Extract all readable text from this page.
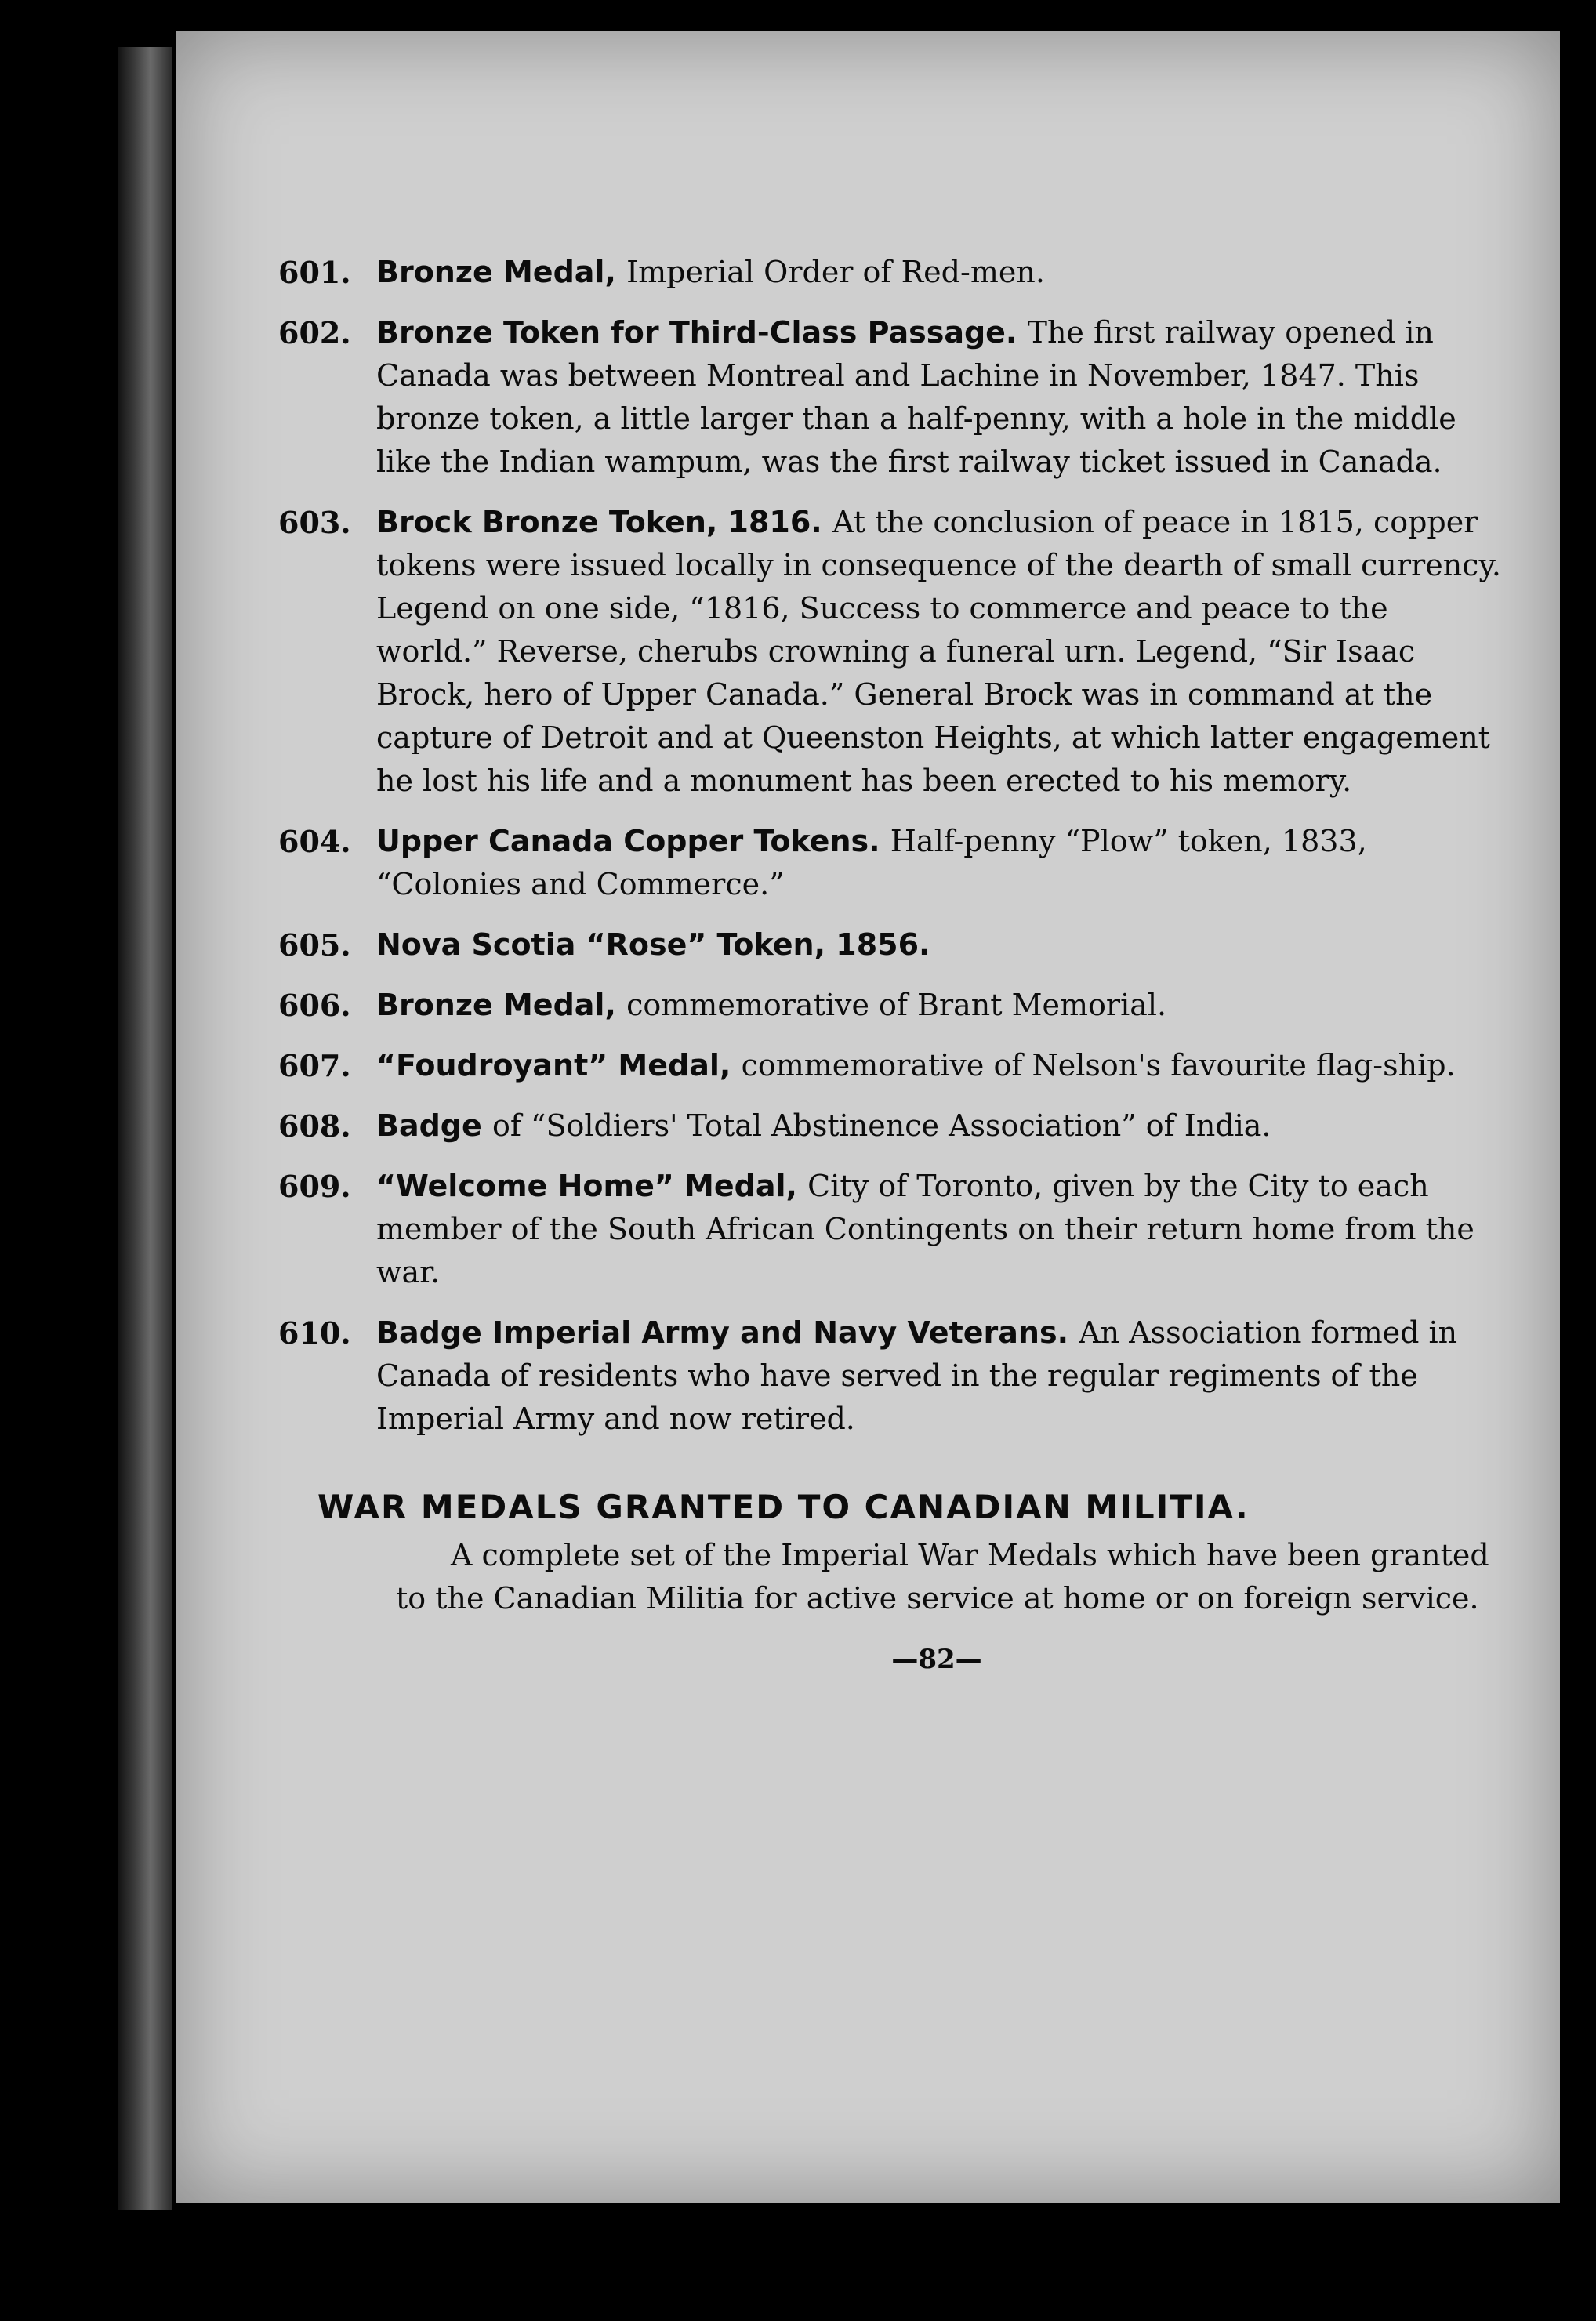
601. Bronze Medal, Imperial Order of Red-men.
602. Bronze Token for Third-Class Passage. The first railway opened in Canada was between Montreal and Lachine in November, 1847. This bronze token, a little larger than a half-penny, with a hole in the middle like the Indian wampum, was the first railway ticket issued in Canada.
603. Brock Bronze Token, 1816. At the conclusion of peace in 1815, copper tokens were issued locally in consequence of the dearth of small currency. Legend on one side, “1816, Success to commerce and peace to the world.” Reverse, cherubs crowning a funeral urn. Legend, “Sir Isaac Brock, hero of Upper Canada.” General Brock was in command at the capture of Detroit and at Queenston Heights, at which latter engagement he lost his life and a monument has been erected to his memory.
604. Upper Canada Copper Tokens. Half-penny “Plow” token, 1833, “Colonies and Commerce.”
605. Nova Scotia “Rose” Token, 1856.
606. Bronze Medal, commemorative of Brant Memorial.
607. “Foudroyant” Medal, commemorative of Nelson's favourite flag-ship.
608. Badge of “Soldiers' Total Abstinence Association” of India.
609. “Welcome Home” Medal, City of Toronto, given by the City to each member of the South African Contingents on their return home from the war.
610. Badge Imperial Army and Navy Veterans. An Association formed in Canada of residents who have served in the regular regiments of the Imperial Army and now retired.
WAR MEDALS GRANTED TO CANADIAN MILITIA.
A complete set of the Imperial War Medals which have been granted to the Canadian Militia for active service at home or on foreign service.
—82—
